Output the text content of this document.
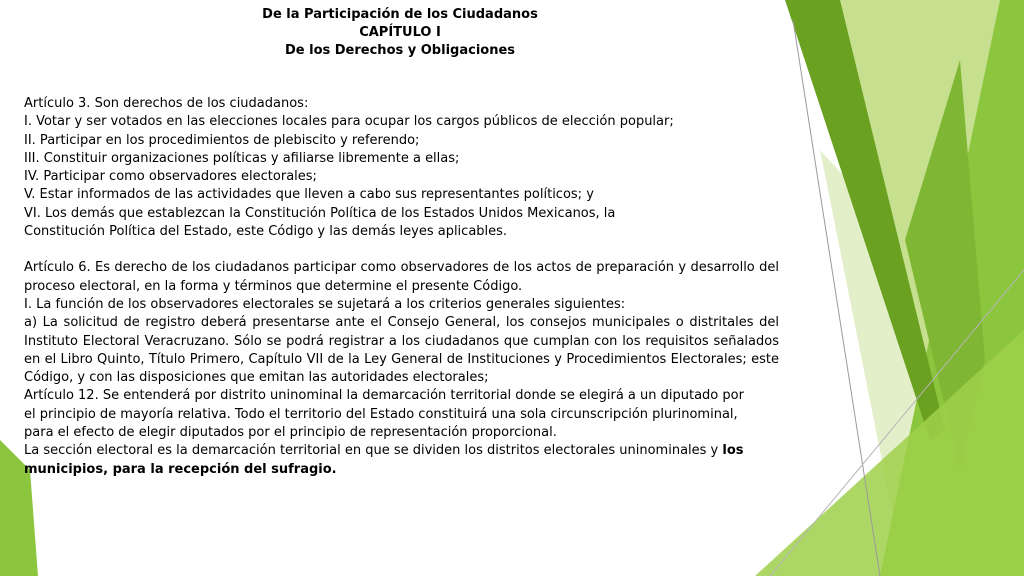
De la Participación de los Ciudadanos
CAPÍTULO I
De los Derechos y Obligaciones
Artículo 3. Son derechos de los ciudadanos:
I. Votar y ser votados en las elecciones locales para ocupar los cargos públicos de elección popular;
II. Participar en los procedimientos de plebiscito y referendo;
III. Constituir organizaciones políticas y afiliarse libremente a ellas;
IV. Participar como observadores electorales;
V. Estar informados de las actividades que lleven a cabo sus representantes políticos; y
VI. Los demás que establezcan la Constitución Política de los Estados Unidos Mexicanos, la
Constitución Política del Estado, este Código y las demás leyes aplicables.
Artículo 6. Es derecho de los ciudadanos participar como observadores de los actos de preparación y desarrollo del proceso electoral, en la forma y términos que determine el presente Código.
I. La función de los observadores electorales se sujetará a los criterios generales siguientes:
a) La solicitud de registro deberá presentarse ante el Consejo General, los consejos municipales o distritales del Instituto Electoral Veracruzano. Sólo se podrá registrar a los ciudadanos que cumplan con los requisitos señalados en el Libro Quinto, Título Primero, Capítulo VII de la Ley General de Instituciones y Procedimientos Electorales; este Código, y con las disposiciones que emitan las autoridades electorales;
Artículo 12. Se entenderá por distrito uninominal la demarcación territorial donde se elegirá a un diputado por
el principio de mayoría relativa. Todo el territorio del Estado constituirá una sola circunscripción plurinominal,
para el efecto de elegir diputados por el principio de representación proporcional.
La sección electoral es la demarcación territorial en que se dividen los distritos electorales uninominales y los municipios, para la recepción del sufragio.
